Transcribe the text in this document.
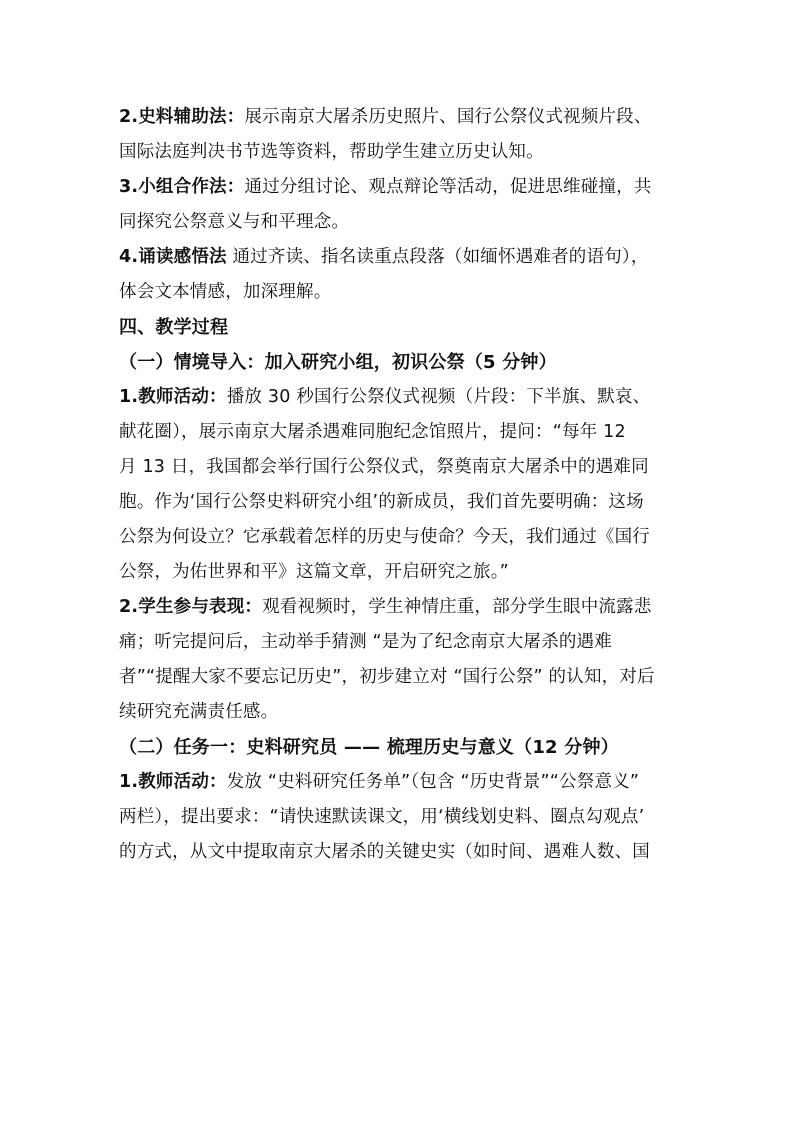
2.史料辅助法：展示南京大屠杀历史照片、国行公祭仪式视频片段、
国际法庭判决书节选等资料，帮助学生建立历史认知。
3.小组合作法：通过分组讨论、观点辩论等活动，促进思维碰撞，共
同探究公祭意义与和平理念。
4.诵读感悟法 通过齐读、指名读重点段落（如缅怀遇难者的语句），
体会文本情感，加深理解。
四、教学过程
（一）情境导入：加入研究小组，初识公祭（5 分钟）
1.教师活动：播放 30 秒国行公祭仪式视频（片段：下半旗、默哀、
献花圈），展示南京大屠杀遇难同胞纪念馆照片，提问：“每年 12
月 13 日，我国都会举行国行公祭仪式，祭奠南京大屠杀中的遇难同
胞。作为‘国行公祭史料研究小组’的新成员，我们首先要明确：这场
公祭为何设立？它承载着怎样的历史与使命？今天，我们通过《国行
公祭，为佑世界和平》这篇文章，开启研究之旅。”
2.学生参与表现：观看视频时，学生神情庄重，部分学生眼中流露悲
痛；听完提问后，主动举手猜测 “是为了纪念南京大屠杀的遇难
者”“提醒大家不要忘记历史”，初步建立对 “国行公祭” 的认知，对后
续研究充满责任感。
（二）任务一：史料研究员 —— 梳理历史与意义（12 分钟）
1.教师活动：发放 “史料研究任务单”（包含 “历史背景”“公祭意义”
两栏），提出要求：“请快速默读课文，用‘横线划史料、圈点勾观点’
的方式，从文中提取南京大屠杀的关键史实（如时间、遇难人数、国
